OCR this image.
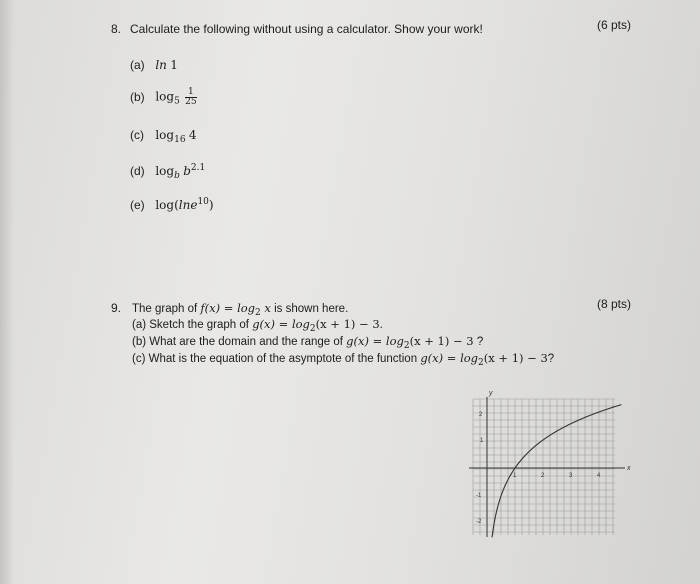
8. Calculate the following without using a calculator. Show your work!	(6 pts)
(a) ln 1
(b) $\log_5 \frac{1}{25}$
(c) $\log_{16} 4$
(d) $\log_b b^{2.1}$
(e) log(lne$^{10}$)
9.	(8 pts)
The graph of $f(x) = \log_2 x$ is shown here.
(a) Sketch the graph of $g(x) = \log_2(x + 1) - 3$.
(b) What are the domain and the range of $g(x) = \log_2(x + 1) - 3$ ?
(c) What is the equation of the asymptote of the function $g(x) = \log_2(x + 1) - 3$?
y
x
1	2	3	4
2
1
-1
-2
